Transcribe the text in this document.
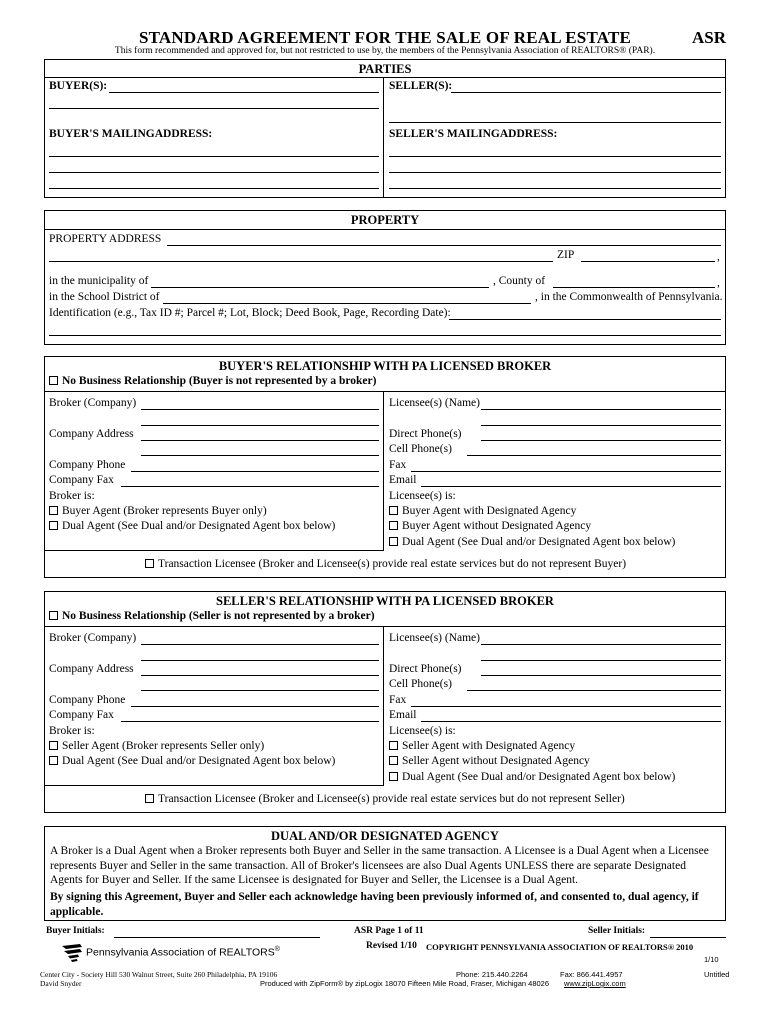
STANDARD AGREEMENT FOR THE SALE OF REAL ESTATE	ASR
This form recommended and approved for, but not restricted to use by, the members of the Pennsylvania Association of REALTORS® (PAR).
PARTIES
BUYER(S):	SELLER(S):
BUYER'S MAILINGADDRESS:	SELLER'S MAILINGADDRESS:
PROPERTY
PROPERTY ADDRESS
ZIP	,
in the municipality of	, County of	,
in the School District of	, in the Commonwealth of Pennsylvania.
Identification (e.g., Tax ID #; Parcel #; Lot, Block; Deed Book, Page, Recording Date):
BUYER'S RELATIONSHIP WITH PA LICENSED BROKER
No Business Relationship (Buyer is not represented by a broker)
Broker (Company)	Licensee(s) (Name)
Company Address	Direct Phone(s)
Cell Phone(s)
Company Phone	Fax
Company Fax	Email
Broker is:	Licensee(s) is:
Buyer Agent (Broker represents Buyer only)
Dual Agent (See Dual and/or Designated Agent box below)
Buyer Agent with Designated Agency
Buyer Agent without Designated Agency
Dual Agent (See Dual and/or Designated Agent box below)
Transaction Licensee (Broker and Licensee(s) provide real estate services but do not represent Buyer)
SELLER'S RELATIONSHIP WITH PA LICENSED BROKER
No Business Relationship (Seller is not represented by a broker)
Broker (Company)	Licensee(s) (Name)
Company Address	Direct Phone(s)
Cell Phone(s)
Company Phone	Fax
Company Fax	Email
Broker is:	Licensee(s) is:
Seller Agent (Broker represents Seller only)
Dual Agent (See Dual and/or Designated Agent box below)
Seller Agent with Designated Agency
Seller Agent without Designated Agency
Dual Agent (See Dual and/or Designated Agent box below)
Transaction Licensee (Broker and Licensee(s) provide real estate services but do not represent Seller)
DUAL AND/OR DESIGNATED AGENCY
A Broker is a Dual Agent when a Broker represents both Buyer and Seller in the same transaction. A Licensee is a Dual Agent when a Licensee represents Buyer and Seller in the same transaction. All of Broker's licensees are also Dual Agents UNLESS there are separate Designated Agents for Buyer and Seller. If the same Licensee is designated for Buyer and Seller, the Licensee is a Dual Agent.
By signing this Agreement, Buyer and Seller each acknowledge having been previously informed of, and consented to, dual agency, if applicable.
Buyer Initials:	ASR Page 1 of 11	Seller Initials:
Revised 1/10 COPYRIGHT PENNSYLVANIA ASSOCIATION OF REALTORS® 2010
1/10
Pennsylvania Association of REALTORS®
Center City - Society Hill 530 Walnut Street, Suite 260 Philadelphia, PA 19106
David Snyder	Produced with ZipForm® by zipLogix 18070 Fifteen Mile Road, Fraser, Michigan 48026
Phone: 215.440.2264	Fax: 866.441.4957
www.zipLogix.com
Untitled
